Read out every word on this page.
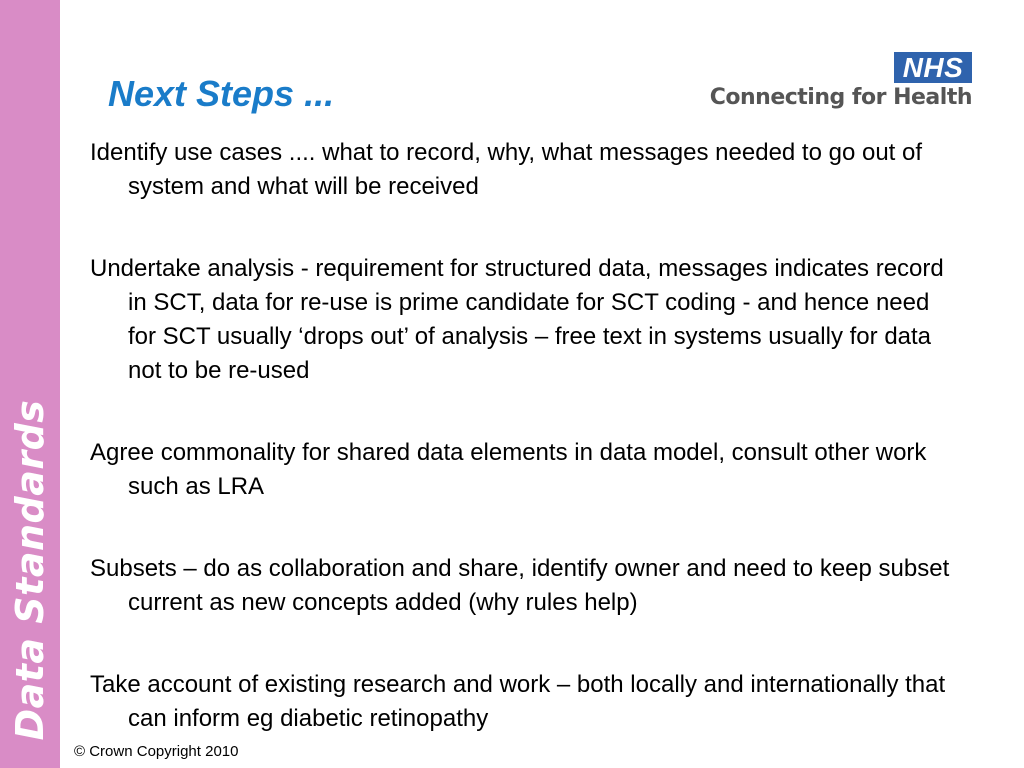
Data Standards
Next Steps ...
NHS
Connecting for Health

Identify use cases .... what to record, why, what messages needed to go out of system and what will be received

Undertake analysis - requirement for structured data, messages indicates record in SCT, data for re-use is prime candidate for SCT coding - and hence need for SCT usually ‘drops out’ of analysis – free text in systems usually for data not to be re-used

Agree commonality for shared data elements in data model, consult other work such as LRA

Subsets – do as collaboration and share, identify owner and need to keep subset current as new concepts added (why rules help)

Take account of existing research and work – both locally and internationally that can inform eg diabetic retinopathy

© Crown Copyright 2010
